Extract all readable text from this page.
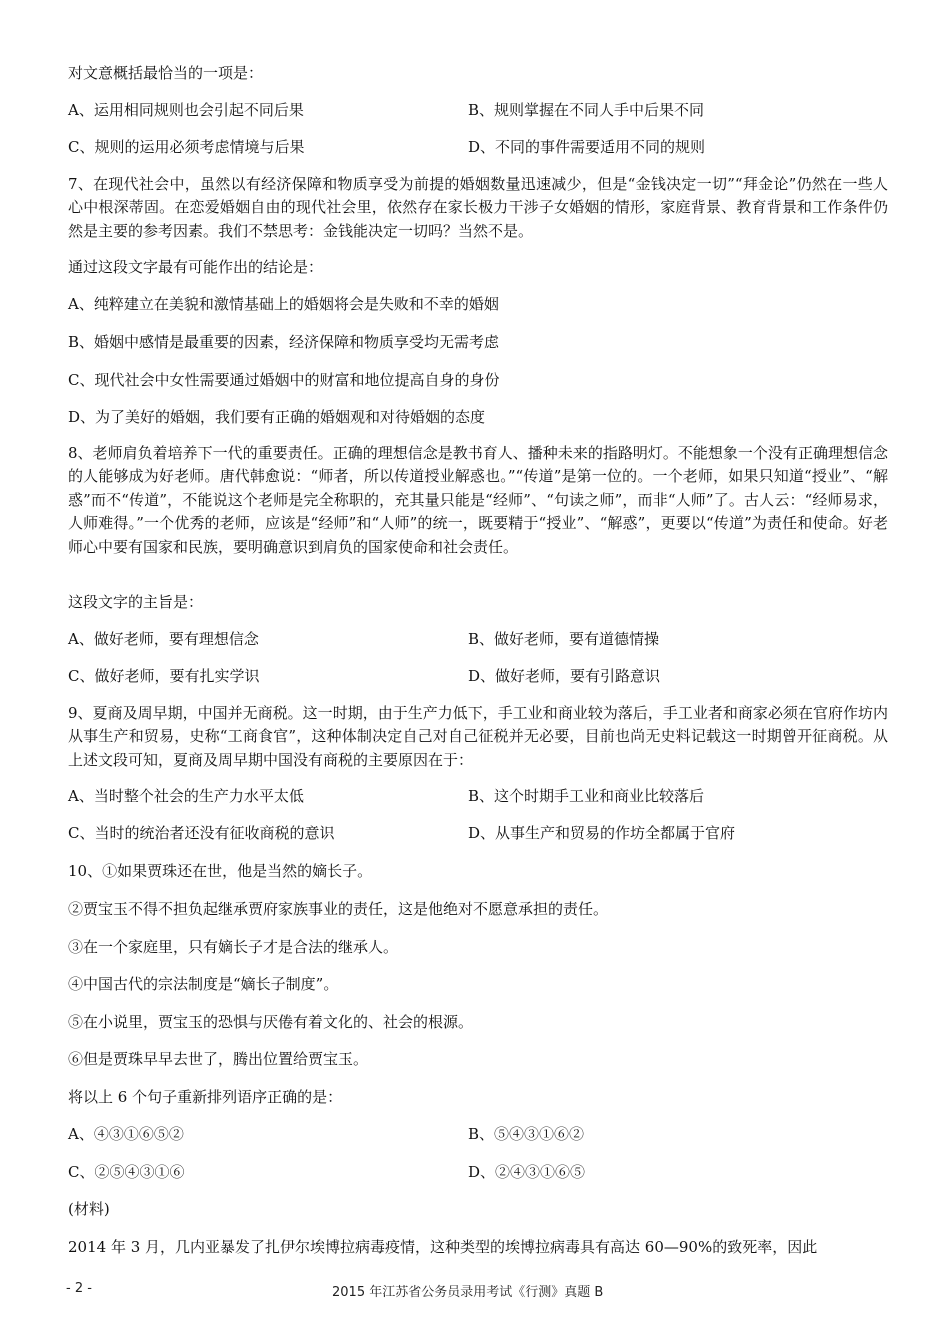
对文意概括最恰当的一项是：
A、运用相同规则也会引起不同后果	B、规则掌握在不同人手中后果不同
C、规则的运用必须考虑情境与后果	D、不同的事件需要适用不同的规则
7、在现代社会中，虽然以有经济保障和物质享受为前提的婚姻数量迅速减少，但是“金钱决定一切”“拜金论”仍然在一些人心中根深蒂固。在恋爱婚姻自由的现代社会里，依然存在家长极力干涉子女婚姻的情形，家庭背景、教育背景和工作条件仍然是主要的参考因素。我们不禁思考：金钱能决定一切吗？当然不是。
通过这段文字最有可能作出的结论是：
A、纯粹建立在美貌和激情基础上的婚姻将会是失败和不幸的婚姻
B、婚姻中感情是最重要的因素，经济保障和物质享受均无需考虑
C、现代社会中女性需要通过婚姻中的财富和地位提高自身的身份
D、为了美好的婚姻，我们要有正确的婚姻观和对待婚姻的态度
8、老师肩负着培养下一代的重要责任。正确的理想信念是教书育人、播种未来的指路明灯。不能想象一个没有正确理想信念的人能够成为好老师。唐代韩愈说：“师者，所以传道授业解惑也。”“传道”是第一位的。一个老师，如果只知道“授业”、“解惑”而不“传道”，不能说这个老师是完全称职的，充其量只能是“经师”、“句读之师”，而非“人师”了。古人云：“经师易求，人师难得。”一个优秀的老师，应该是“经师”和“人师”的统一，既要精于“授业”、“解惑”，更要以“传道”为责任和使命。好老师心中要有国家和民族，要明确意识到肩负的国家使命和社会责任。
这段文字的主旨是：
A、做好老师，要有理想信念	B、做好老师，要有道德情操
C、做好老师，要有扎实学识	D、做好老师，要有引路意识
9、夏商及周早期，中国并无商税。这一时期，由于生产力低下，手工业和商业较为落后，手工业者和商家必须在官府作坊内从事生产和贸易，史称“工商食官”，这种体制决定自己对自己征税并无必要，目前也尚无史料记载这一时期曾开征商税。从上述文段可知，夏商及周早期中国没有商税的主要原因在于：
A、当时整个社会的生产力水平太低	B、这个时期手工业和商业比较落后
C、当时的统治者还没有征收商税的意识	D、从事生产和贸易的作坊全都属于官府
10、①如果贾珠还在世，他是当然的嫡长子。
②贾宝玉不得不担负起继承贾府家族事业的责任，这是他绝对不愿意承担的责任。
③在一个家庭里，只有嫡长子才是合法的继承人。
④中国古代的宗法制度是“嫡长子制度”。
⑤在小说里，贾宝玉的恐惧与厌倦有着文化的、社会的根源。
⑥但是贾珠早早去世了，腾出位置给贾宝玉。
将以上 6 个句子重新排列语序正确的是：
A、④③①⑥⑤②	B、⑤④③①⑥②
C、②⑤④③①⑥	D、②④③①⑥⑤
(材料)
2014 年 3 月，几内亚暴发了扎伊尔埃博拉病毒疫情，这种类型的埃博拉病毒具有高达 60—90%的致死率，因此
- 2 -	2015 年江苏省公务员录用考试《行测》真题 B
